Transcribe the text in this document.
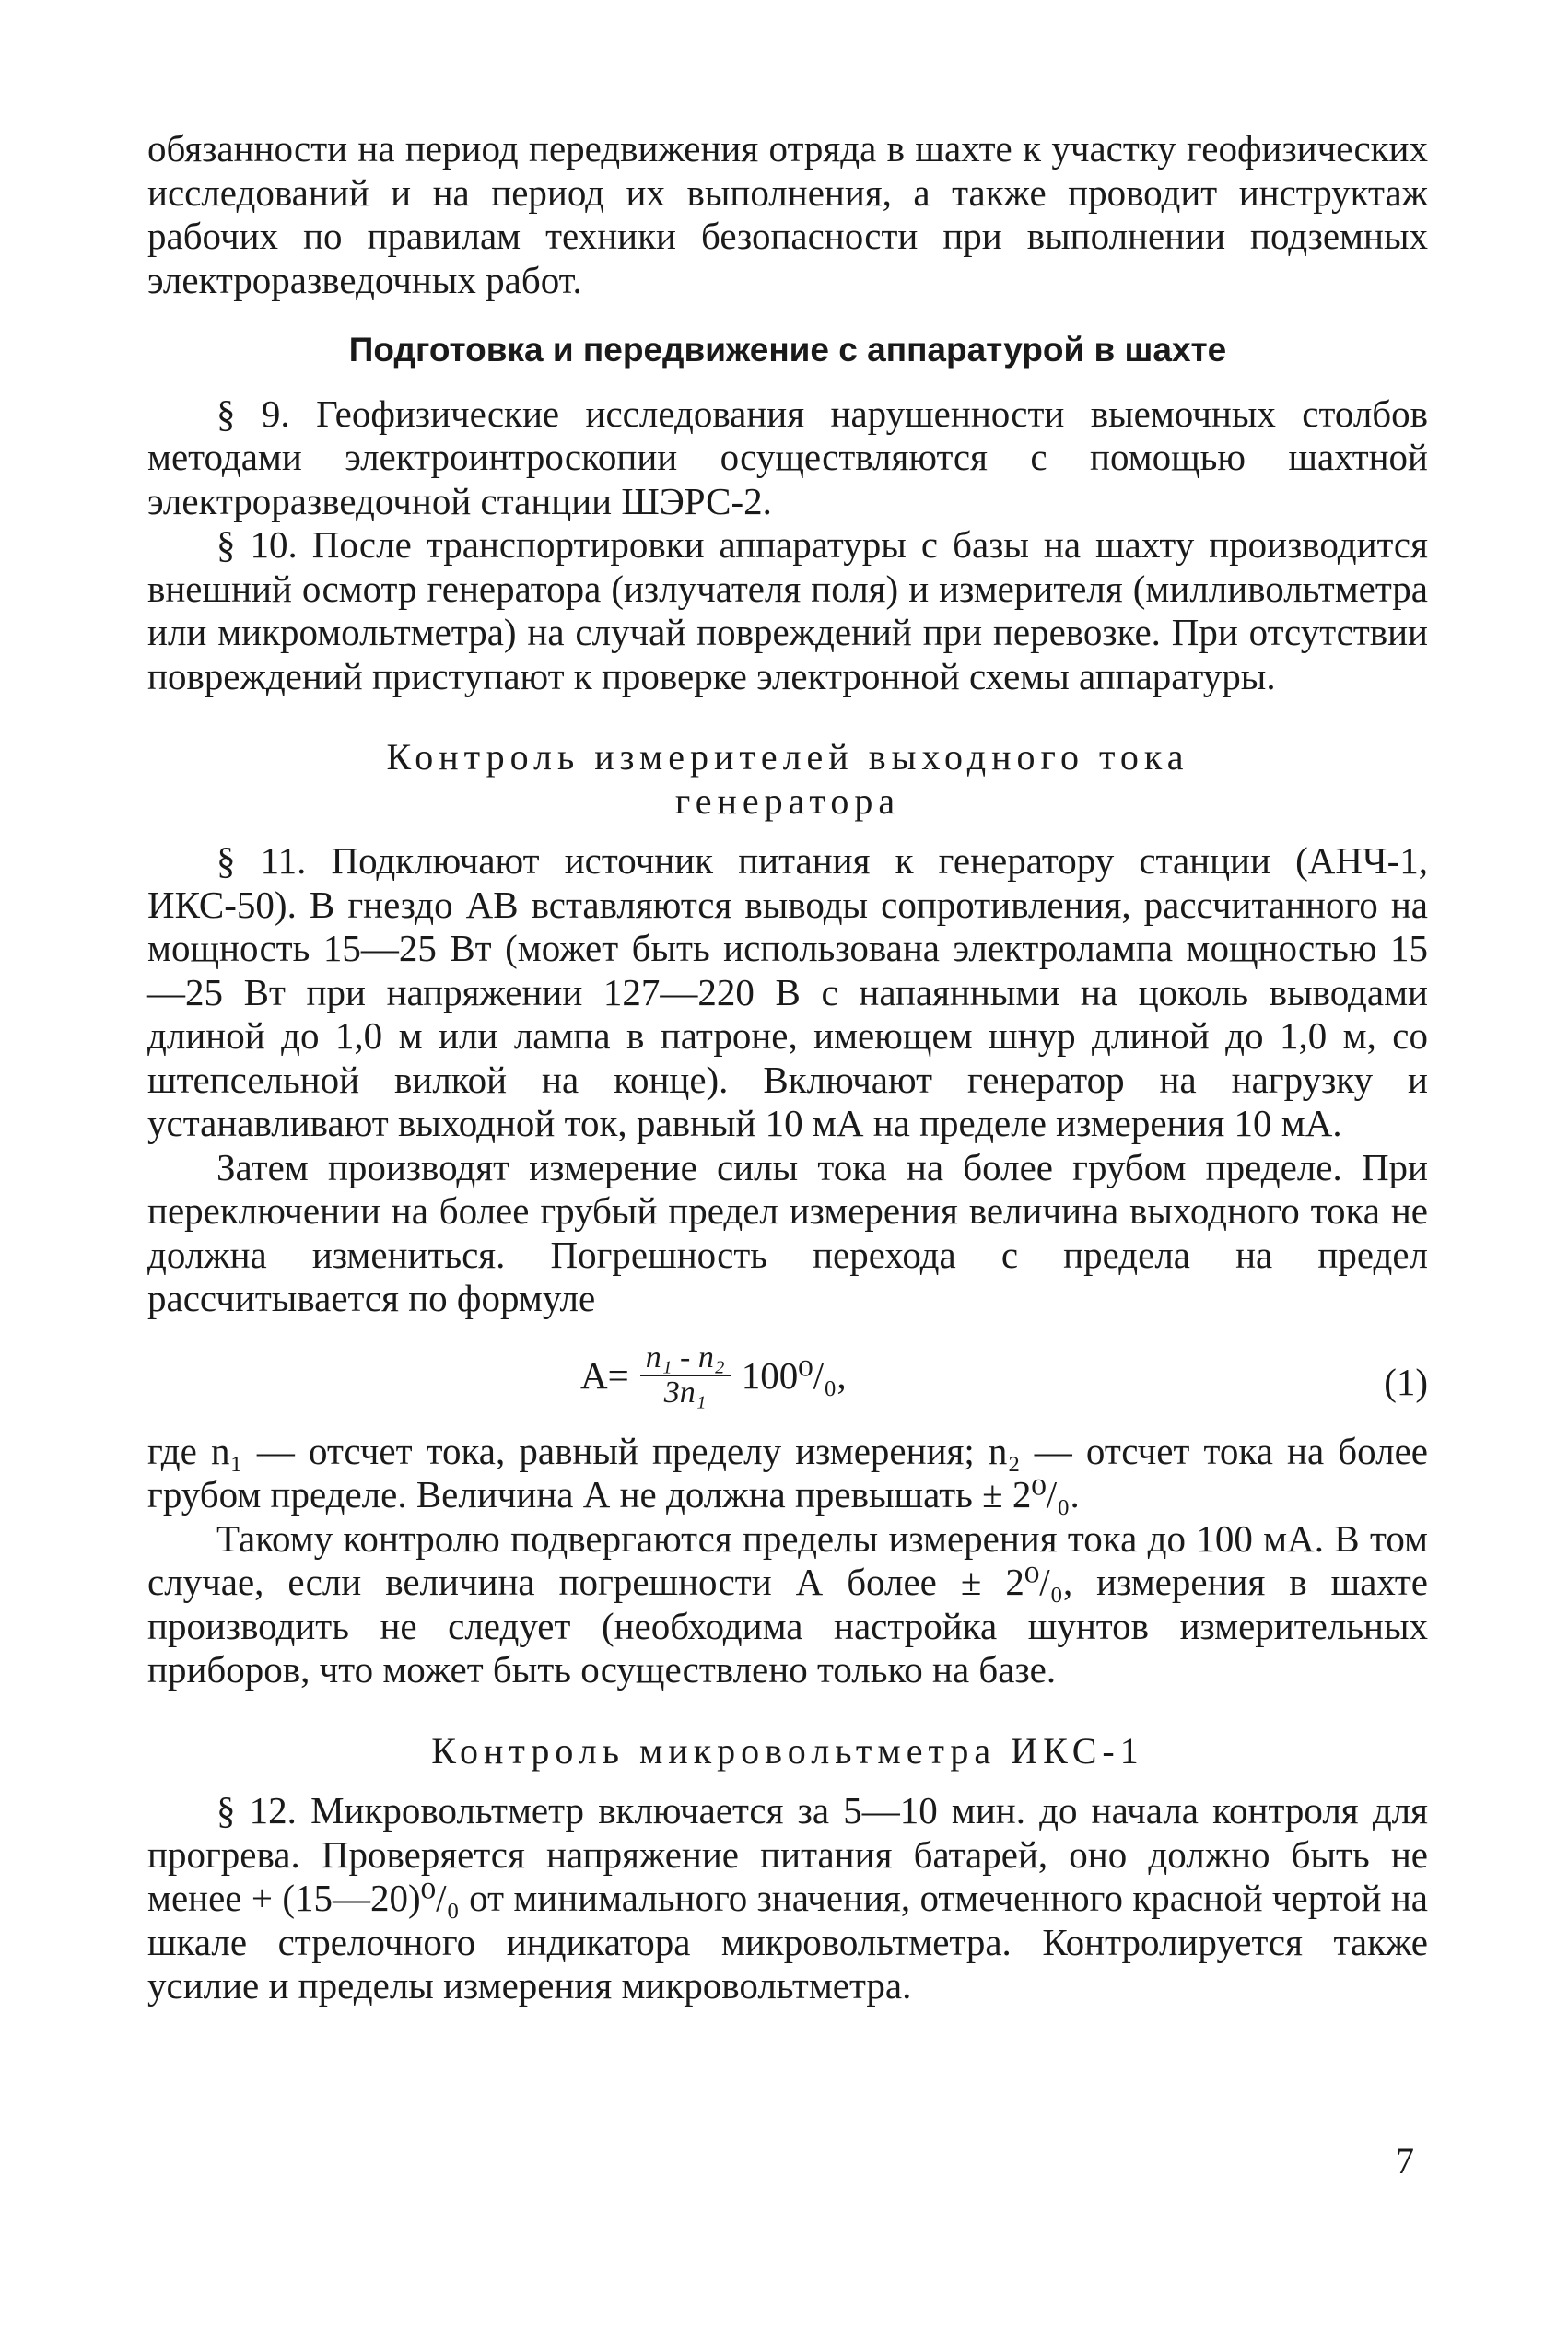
обязанности на период передвижения отряда в шахте к участку геофизических исследований и на период их выполнения, а также проводит инструктаж рабочих по правилам техники безопасности при выполнении подземных электроразведочных работ.

Подготовка и передвижение с аппаратурой в шахте

§ 9. Геофизические исследования нарушенности выемочных столбов методами электроинтроскопии осуществляются с помощью шахтной электроразведочной станции ШЭРС-2.

§ 10. После транспортировки аппаратуры с базы на шахту производится внешний осмотр генератора (излучателя поля) и измерителя (милливольтметра или микромольтметра) на случай повреждений при перевозке. При отсутствии повреждений приступают к проверке электронной схемы аппаратуры.

Контроль измерителей выходного тока
генератора

§ 11. Подключают источник питания к генератору станции (АНЧ-1, ИКС-50). В гнездо АВ вставляются выводы сопротивления, рассчитанного на мощность 15—25 Вт (может быть использована электролампа мощностью 15—25 Вт при напряжении 127—220 В с напаянными на цоколь выводами длиной до 1,0 м или лампа в патроне, имеющем шнур длиной до 1,0 м, со штепсельной вилкой на конце). Включают генератор на нагрузку и устанавливают выходной ток, равный 10 мА на пределе измерения 10 мА.

Затем производят измерение силы тока на более грубом пределе. При переключении на более грубый предел измерения величина выходного тока не должна измениться. Погрешность перехода с предела на предел рассчитывается по формуле

$А= \frac{\text{n₁ - n₂}}{\text{3n₁}} 100^0/_0$,	(1)

где n₁ — отсчет тока, равный пределу измерения; n₂ — отсчет тока на более грубом пределе. Величина А не должна превышать ± 2⁰/₀.

Такому контролю подвергаются пределы измерения тока до 100 мА. В том случае, если величина погрешности А более ± 2⁰/₀, измерения в шахте производить не следует (необходима настройка шунтов измерительных приборов, что может быть осуществлено только на базе.

Контроль микровольтметра ИКС-1

§ 12. Микровольтметр включается за 5—10 мин. до начала контроля для прогрева. Проверяется напряжение питания батарей, оно должно быть не менее + (15—20)⁰/₀ от минимального значения, отмеченного красной чертой на шкале стрелочного индикатора микровольтметра. Контролируется также усилие и пределы измерения микровольтметра.

7
